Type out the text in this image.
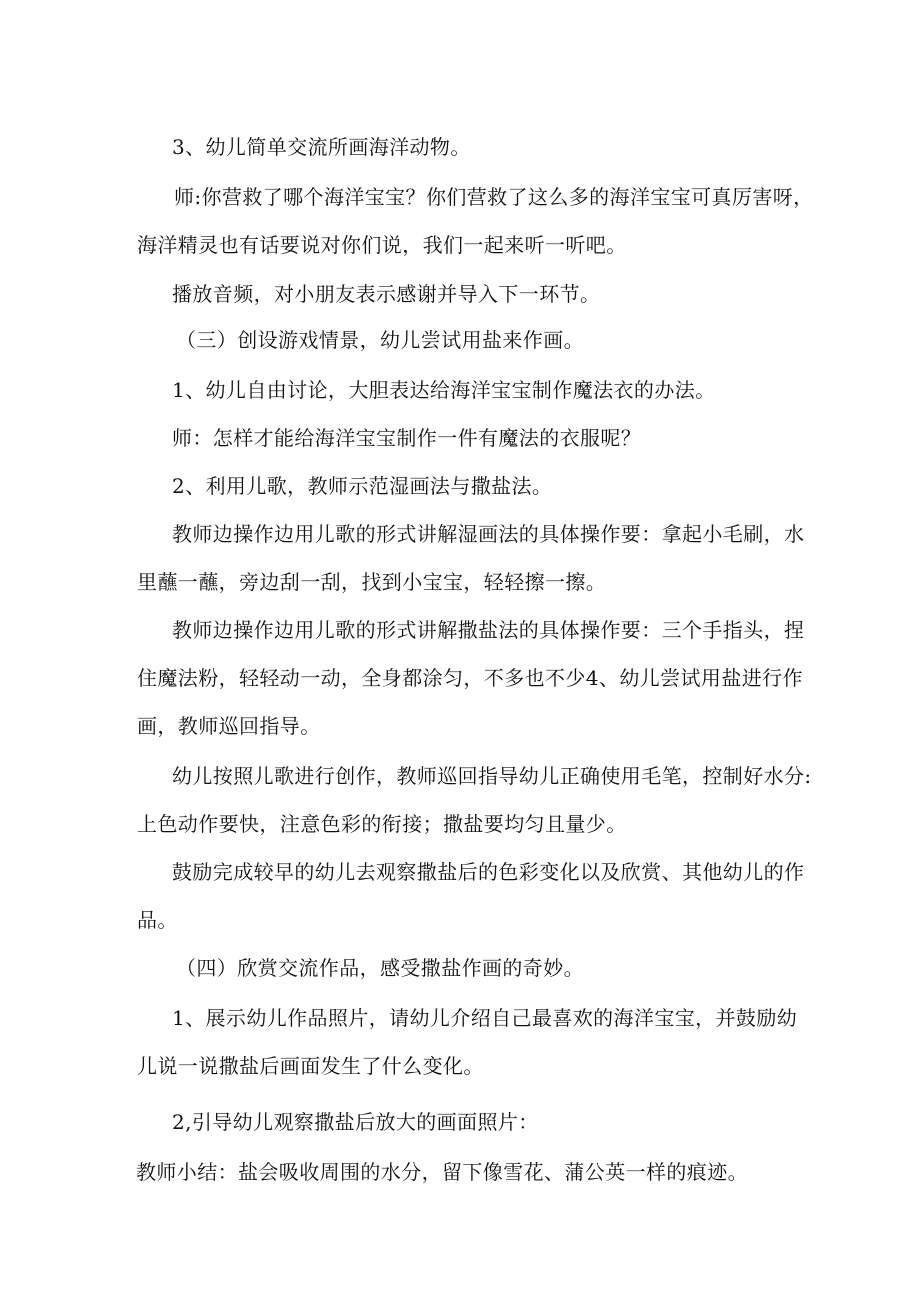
3、幼儿简单交流所画海洋动物。
师:你营救了哪个海洋宝宝？你们营救了这么多的海洋宝宝可真厉害呀，
海洋精灵也有话要说对你们说，我们一起来听一听吧。
播放音频，对小朋友表示感谢并导入下一环节。
（三）创设游戏情景，幼儿尝试用盐来作画。
1、幼儿自由讨论，大胆表达给海洋宝宝制作魔法衣的办法。
师：怎样才能给海洋宝宝制作一件有魔法的衣服呢？
2、利用儿歌，教师示范湿画法与撒盐法。
教师边操作边用儿歌的形式讲解湿画法的具体操作要：拿起小毛刷，水
里蘸一蘸，旁边刮一刮，找到小宝宝，轻轻擦一擦。
教师边操作边用儿歌的形式讲解撒盐法的具体操作要：三个手指头，捏
住魔法粉，轻轻动一动，全身都涂匀，不多也不少4、幼儿尝试用盐进行作
画，教师巡回指导。
幼儿按照儿歌进行创作，教师巡回指导幼儿正确使用毛笔，控制好水分:
上色动作要快，注意色彩的衔接；撒盐要均匀且量少。
鼓励完成较早的幼儿去观察撒盐后的色彩变化以及欣赏、其他幼儿的作
品。
（四）欣赏交流作品，感受撒盐作画的奇妙。
1、展示幼儿作品照片，请幼儿介绍自己最喜欢的海洋宝宝，并鼓励幼
儿说一说撒盐后画面发生了什么变化。
2,引导幼儿观察撒盐后放大的画面照片：
教师小结：盐会吸收周围的水分，留下像雪花、蒲公英一样的痕迹。
